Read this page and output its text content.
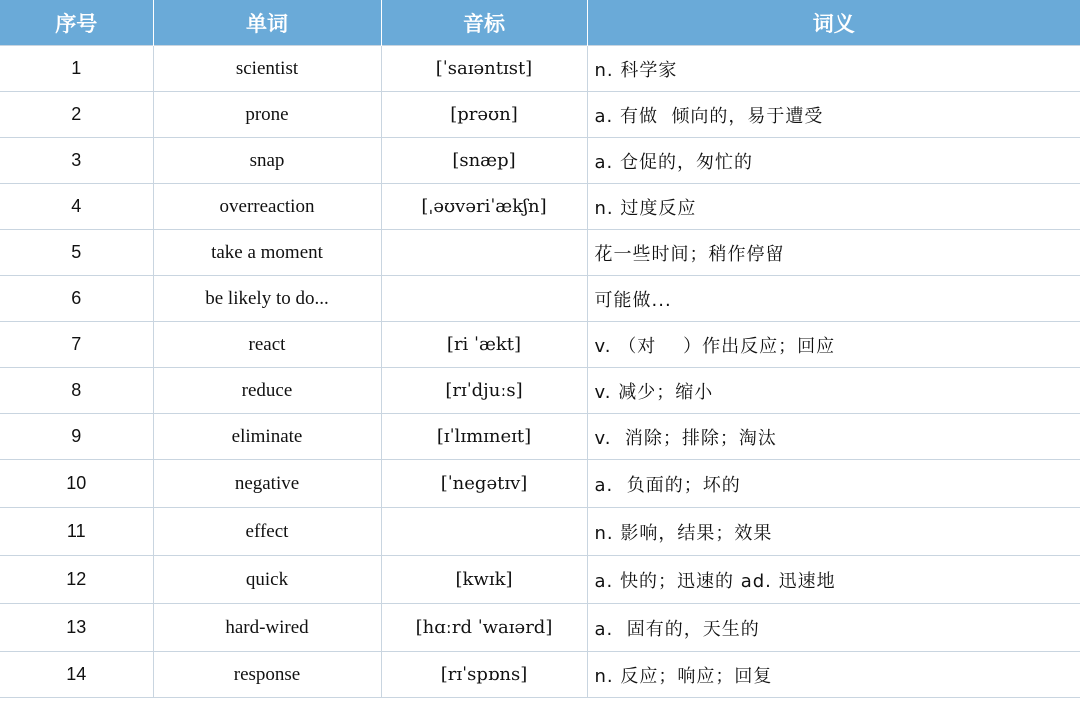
序号	单词	音标	词义
1	scientist	[ˈsaɪəntɪst]	n. 科学家
2	prone	[prəʊn]	a. 有做  倾向的，易于遭受
3	snap	[snæp]	a. 仓促的，匆忙的
4	overreaction	[ˌəʊvəriˈækʃn]	n. 过度反应
5	take a moment		花一些时间；稍作停留
6	be likely to do...		可能做...
7	react	[ri ˈækt]	v. （对    ）作出反应；回应
8	reduce	[rɪˈdjuːs]	v. 减少；缩小
9	eliminate	[ɪˈlɪmɪneɪt]	v.  消除；排除；淘汰
10	negative	[ˈnegətɪv]	a.  负面的；坏的
11	effect		n. 影响，结果；效果
12	quick	[kwɪk]	a. 快的；迅速的 ad. 迅速地
13	hard-wired	[hɑːrd ˈwaɪərd]	a.  固有的，天生的
14	response	[rɪˈspɒns]	n. 反应；响应；回复
